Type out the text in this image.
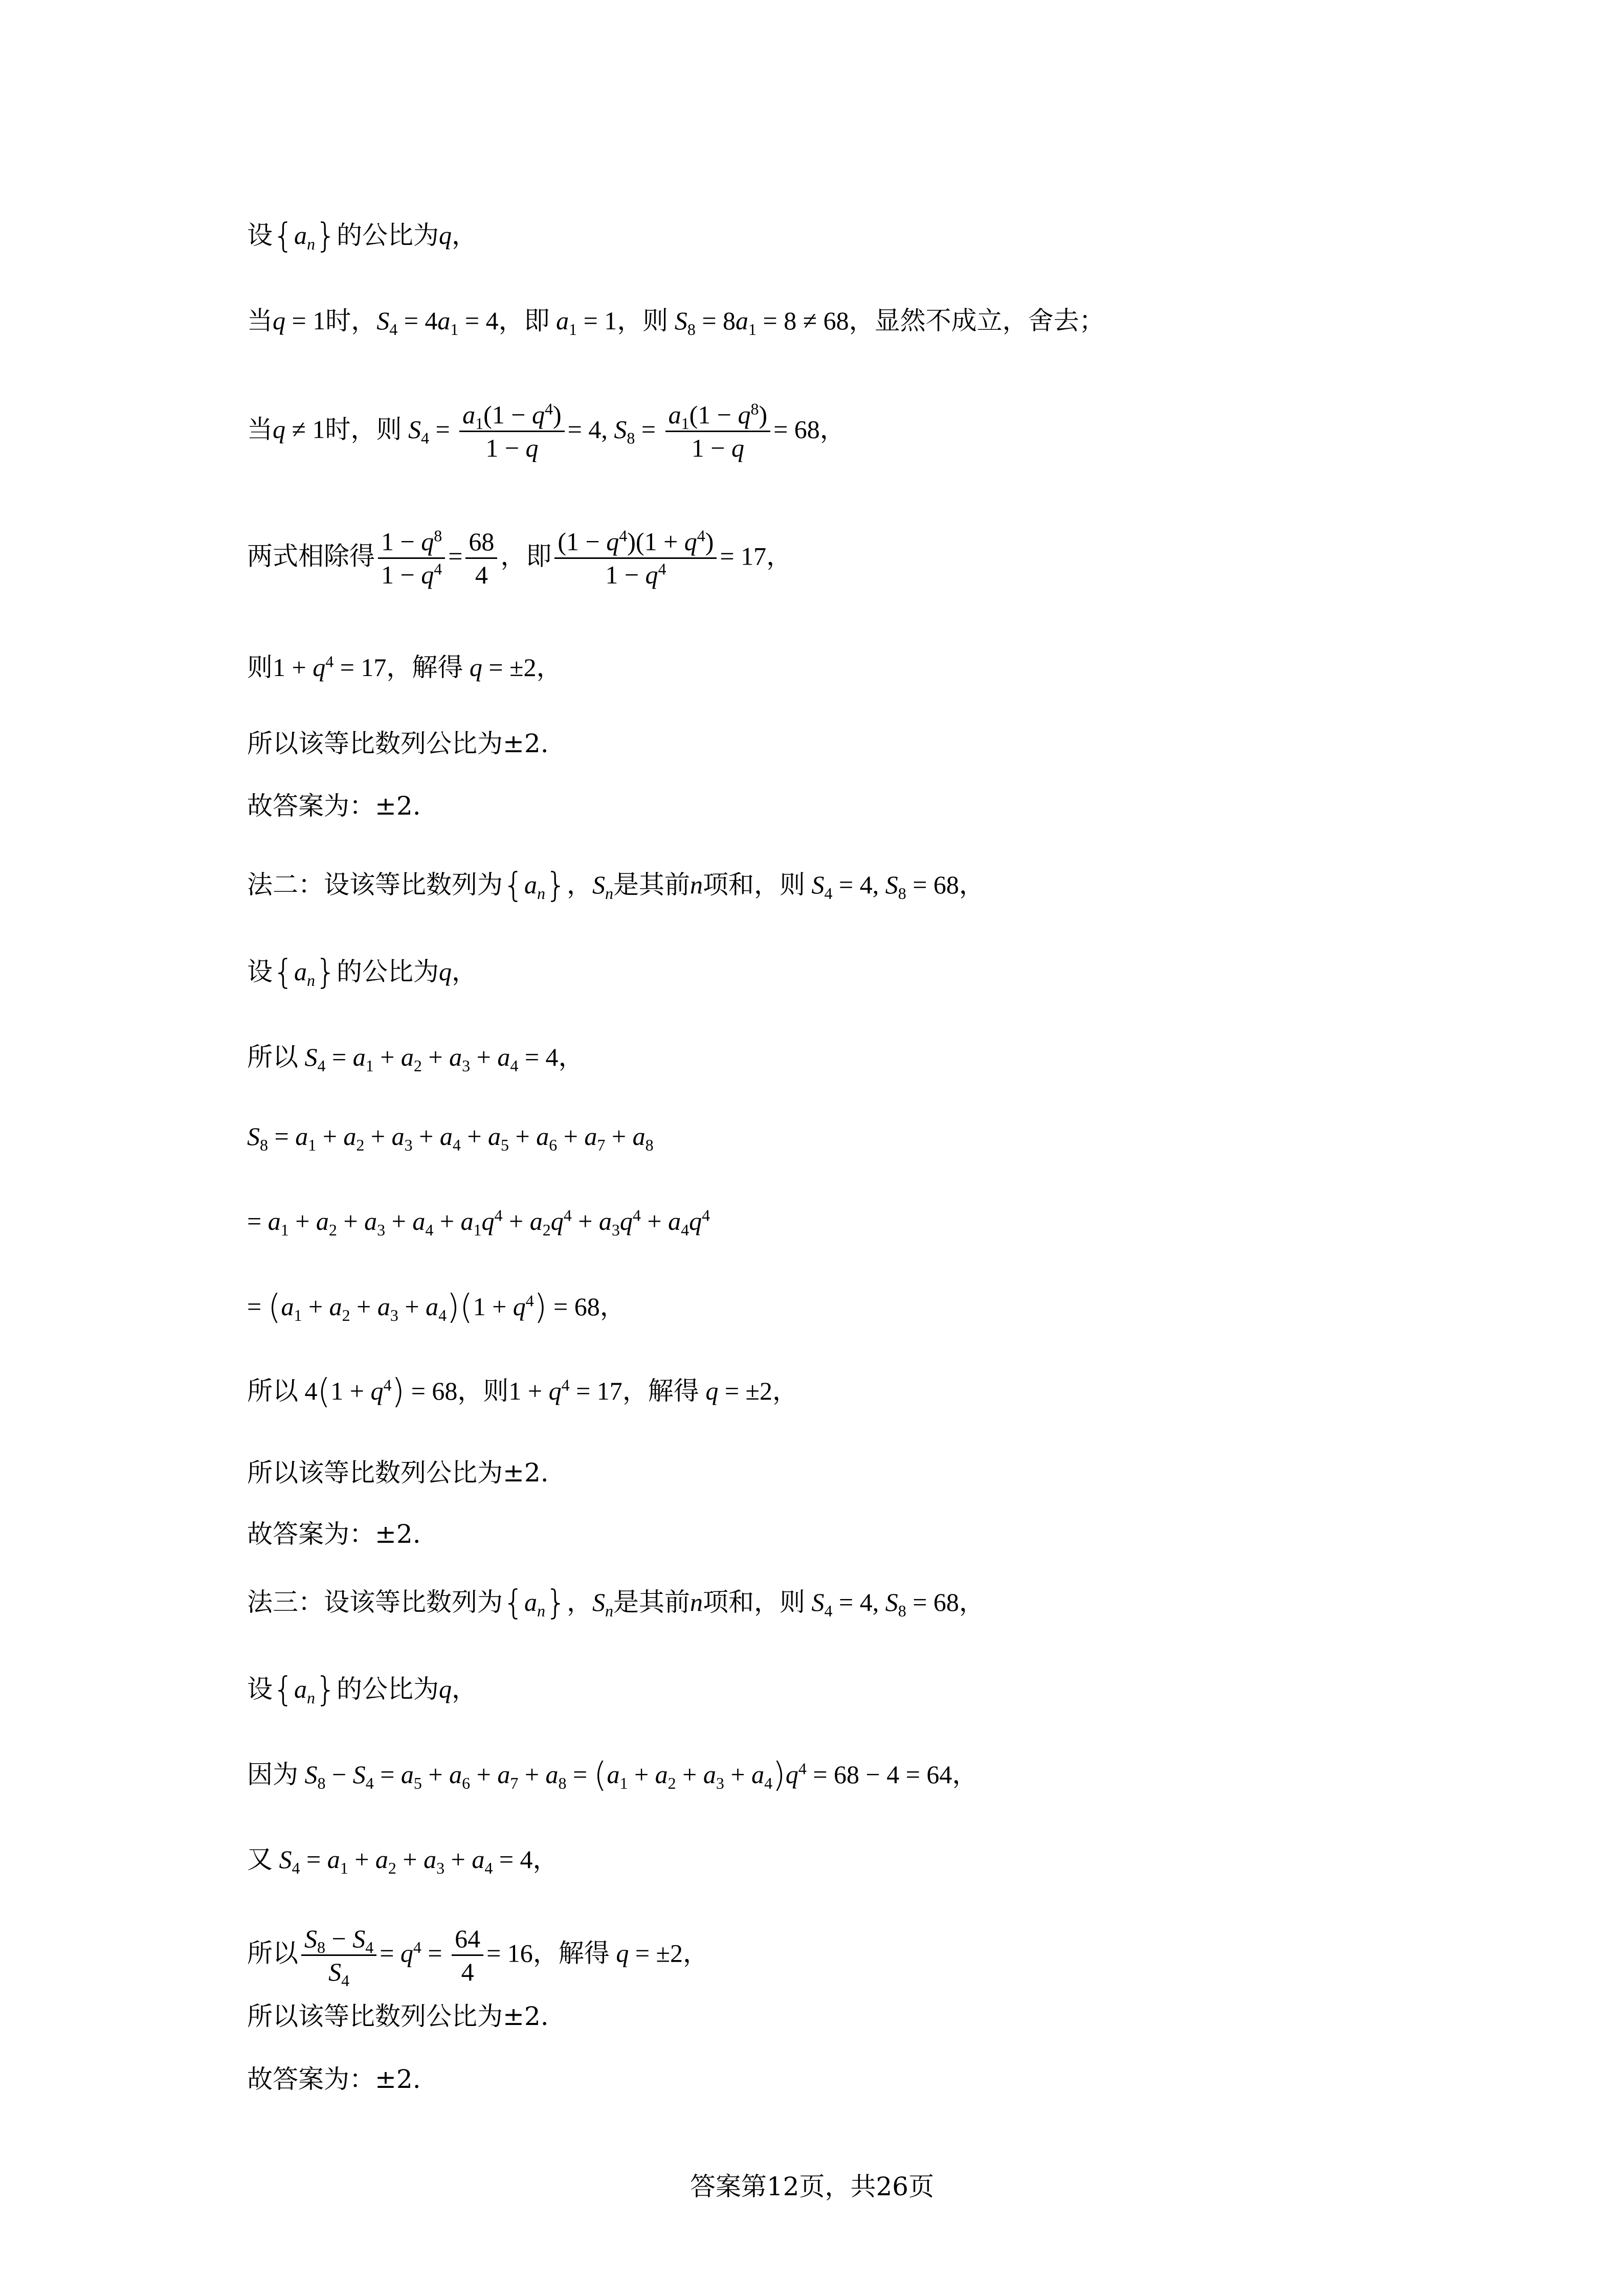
设$\{a_n\}$的公比为q，
当q = 1时，$S_4 = 4a_1 = 4$，即 $a_1 = 1$，则 $S_8 = 8a_1 = 8 \ne 68$，显然不成立，舍去；
当q ≠ 1时，则 $S_4 = \frac{a_1(1 - q^4)}{1 - q} = 4$, $S_8 = \frac{a_1(1 - q^8)}{1 - q} = 68$，
两式相除得 $\frac{1 - q^8}{1 - q^4} = \frac{68}{4}$ ，即 $\frac{(1 - q^4)(1 + q^4)}{1 - q^4} = 17$，
则$1 + q^4 = 17$，解得 q = ±2，
所以该等比数列公比为±2.
故答案为：±2.
法二：设该等比数列为$\{a_n\}$，$S_n$是其前n项和，则 $S_4 = 4$, $S_8 = 68$，
设$\{a_n\}$的公比为q，
所以 $S_4 = a_1 + a_2 + a_3 + a_4 = 4$，
$S_8 = a_1 + a_2 + a_3 + a_4 + a_5 + a_6 + a_7 + a_8$
= $a_1 + a_2 + a_3 + a_4 + a_1q^4 + a_2q^4 + a_3q^4 + a_4q^4$
= $(a_1 + a_2 + a_3 + a_4)(1 + q^4) = 68$，
所以 $4(1 + q^4) = 68$，则$1 + q^4 = 17$，解得 q = ±2，
所以该等比数列公比为±2.
故答案为：±2.
法三：设该等比数列为$\{a_n\}$，$S_n$是其前n项和，则 $S_4 = 4$, $S_8 = 68$，
设$\{a_n\}$的公比为q，
因为 $S_8 - S_4 = a_5 + a_6 + a_7 + a_8 = (a_1 + a_2 + a_3 + a_4)q^4 = 68 - 4 = 64$，
又 $S_4 = a_1 + a_2 + a_3 + a_4 = 4$，
所以 $\frac{S_8 - S_4}{S_4} = q^4 = \frac{64}{4} = 16$，解得 q = ±2，
所以该等比数列公比为±2.
故答案为：±2.
答案第12页，共26页
